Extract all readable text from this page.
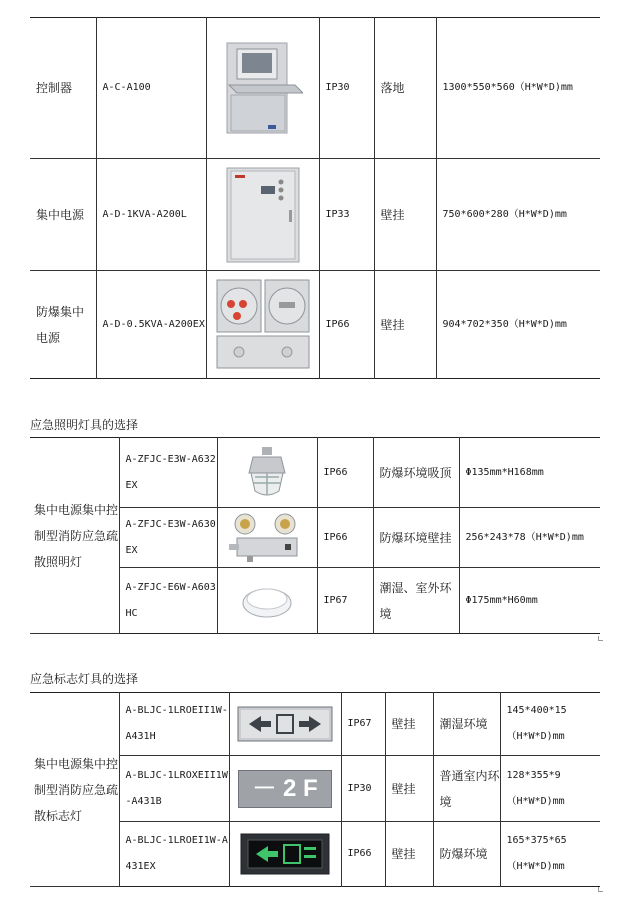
控制器	A-C-A100		IP30	落地	1300*550*560（H*W*D)mm
集中电源	A-D-1KVA-A200L		IP33	壁挂	750*600*280（H*W*D)mm
防爆集中电源	A-D-0.5KVA-A200EX		IP66	壁挂	904*702*350（H*W*D)mm
应急照明灯具的选择
集中电源集中控制型消防应急疏散照明灯	A-ZFJC-E3W-A632EX		IP66	防爆环境吸顶	Φ135mm*H168mm
	A-ZFJC-E3W-A630EX		IP66	防爆环境壁挂	256*243*78（H*W*D)mm
	A-ZFJC-E6W-A603HC		IP67	潮湿、室外环境	Φ175mm*H60mm
应急标志灯具的选择
集中电源集中控制型消防应急疏散标志灯	A-BLJC-1LROEII1W-A431H		IP67	壁挂	潮湿环境	145*400*15（H*W*D)mm
	A-BLJC-1LROXEII1W-A431B	－ 2 F	IP30	壁挂	普通室内环境	128*355*9（H*W*D)mm
	A-BLJC-1LROEI1W-A431EX		IP66	壁挂	防爆环境	165*375*65（H*W*D)mm
